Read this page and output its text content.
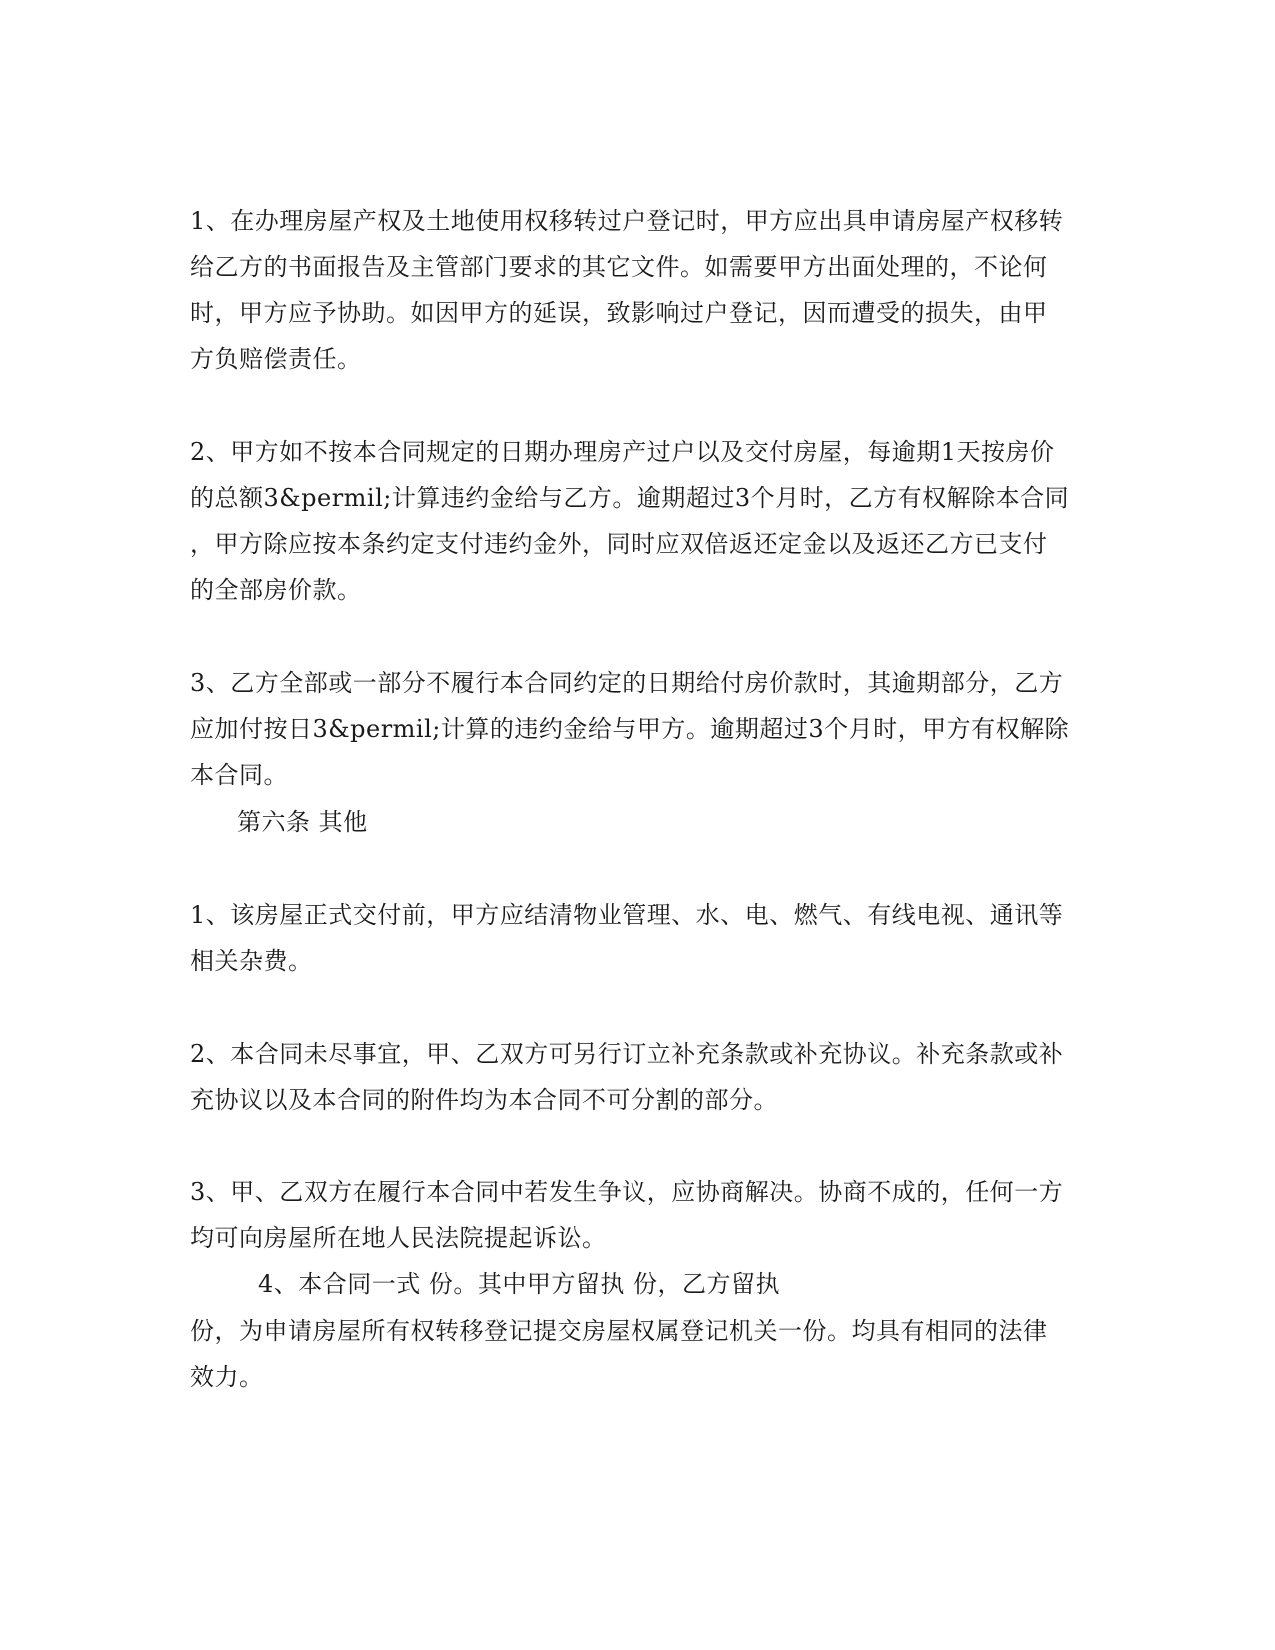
1、在办理房屋产权及土地使用权移转过户登记时，甲方应出具申请房屋产权移转
给乙方的书面报告及主管部门要求的其它文件。如需要甲方出面处理的，不论何
时，甲方应予协助。如因甲方的延误，致影响过户登记，因而遭受的损失，由甲
方负赔偿责任。
2、甲方如不按本合同规定的日期办理房产过户以及交付房屋，每逾期1天按房价
的总额3&permil;计算违约金给与乙方。逾期超过3个月时，乙方有权解除本合同
，甲方除应按本条约定支付违约金外，同时应双倍返还定金以及返还乙方已支付
的全部房价款。
3、乙方全部或一部分不履行本合同约定的日期给付房价款时，其逾期部分，乙方
应加付按日3&permil;计算的违约金给与甲方。逾期超过3个月时，甲方有权解除
本合同。
第六条 其他
1、该房屋正式交付前，甲方应结清物业管理、水、电、燃气、有线电视、通讯等
相关杂费。
2、本合同未尽事宜，甲、乙双方可另行订立补充条款或补充协议。补充条款或补
充协议以及本合同的附件均为本合同不可分割的部分。
3、甲、乙双方在履行本合同中若发生争议，应协商解决。协商不成的，任何一方
均可向房屋所在地人民法院提起诉讼。
4、本合同一式 份。其中甲方留执 份，乙方留执
份，为申请房屋所有权转移登记提交房屋权属登记机关一份。均具有相同的法律
效力。
